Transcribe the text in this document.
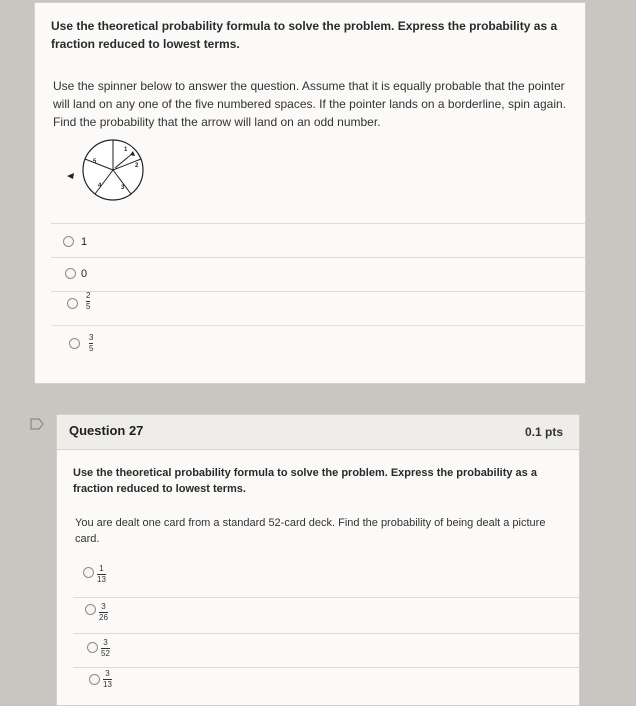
Use the theoretical probability formula to solve the problem. Express the probability as a fraction reduced to lowest terms.
Use the spinner below to answer the question. Assume that it is equally probable that the pointer will land on any one of the five numbered spaces. If the pointer lands on a borderline, spin again. Find the probability that the arrow will land on an odd number.
1
2
3
4
5
1
0
2
5
3
5
Question 27	0.1 pts
Use the theoretical probability formula to solve the problem. Express the probability as a fraction reduced to lowest terms.
You are dealt one card from a standard 52-card deck. Find the probability of being dealt a picture card.
1
13
3
26
3
52
3
13
